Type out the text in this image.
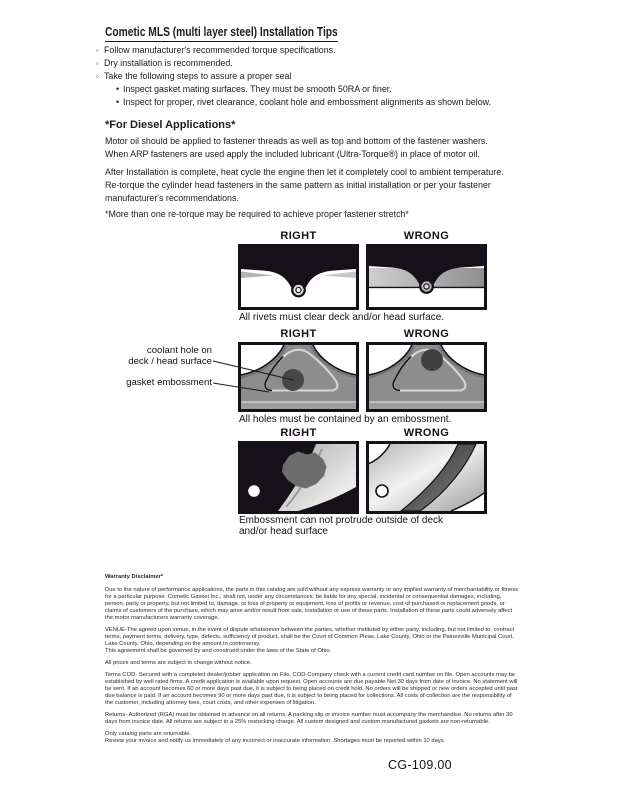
Cometic MLS (multi layer steel) Installation Tips
◦ Follow manufacturer's recommended torque specifications.
◦ Dry installation is recommended.
◦ Take the following steps to assure a proper seal
• Inspect gasket mating surfaces. They must be smooth 50RA or finer.
• Inspect for proper, rivet clearance, coolant hole and embossment alignments as shown below.
*For Diesel Applications*
Motor oil should be applied to fastener threads as well as top and bottom of the fastener washers. When ARP fasteners are used apply the included lubricant (Ultra-Torque®) in place of motor oil.
After Installation is complete, heat cycle the engine then let it completely cool to ambient temperature. Re-torque the cylinder head fasteners in the same pattern as initial installation or per your fastener manufacturer's recommendations.
*More than one re-torque may be required to achieve proper fastener stretch*
RIGHT	WRONG
All rivets must clear deck and/or head surface.
RIGHT	WRONG
All holes must be contained by an embossment.
coolant hole on
deck / head surface
gasket embossment
RIGHT	WRONG
Embossment can not protrude outside of deck
and/or head surface
Warranty Disclaimer*
Due to the nature of performance applications, the parts in this catalog are sold without any express warranty or any implied warranty of merchantability or fitness for a particular purpose. Cometic Gasket Inc., shall not, under any circumstances, be liable for any special, incidental or consequential damages, including, person, party or property, but not limited to, damage, or loss of property or equipment, loss of profits or revenue, cost of purchased or replacement goods, or claims of customers of the purchase, which may arise and/or result from sale, installation or use of these parts. Installation of these parts could adversely affect the motor manufacturers warranty coverage.
VENUE-The agreed upon venue, in the event of dispute whatsoever between the parties, whether instituted by either party, including, but not limited to, contract terms, payment terms, delivery, type, defects, sufficiency of product, shall be the Court of Common Pleas, Lake County, Ohio or the Painesville Municipal Court, Lake County, Ohio, depending on the amount in controversy.
This agreement shall be governed by and construed under the laws of the State of Ohio.
All prices and terms are subject to change without notice.
Terms COD- Secured with a completed dealer/jobber application on File, COD-Company check with a current credit card number on file. Open accounts may be established by well rated firms. A credit application is available upon request. Open accounts are due payable Net 30 days from date of invoice. No statement will be sent. If an account becomes 60 or more days past due, it is subject to being placed on credit hold. No orders will be shipped or new orders accepted until past due balance is paid. If an account becomes 90 or more days past due, it is subject to being placed for collections. All costs of collection are the responsibility of the customer, including attorney fees, court costs, and other expenses of litigation.
Returns- Authorized (RGA) must be obtained in advance on all returns. A packing slip or invoice number must accompany the merchandise. No returns after 30 days from invoice date. All returns are subject to a 25% restocking charge. All custom designed and custom manufactured gaskets are non-returnable.
Only catalog parts are returnable.
Review your invoice and notify us immediately of any incorrect or inaccurate information. Shortages must be reported within 10 days.
CG-109.00
